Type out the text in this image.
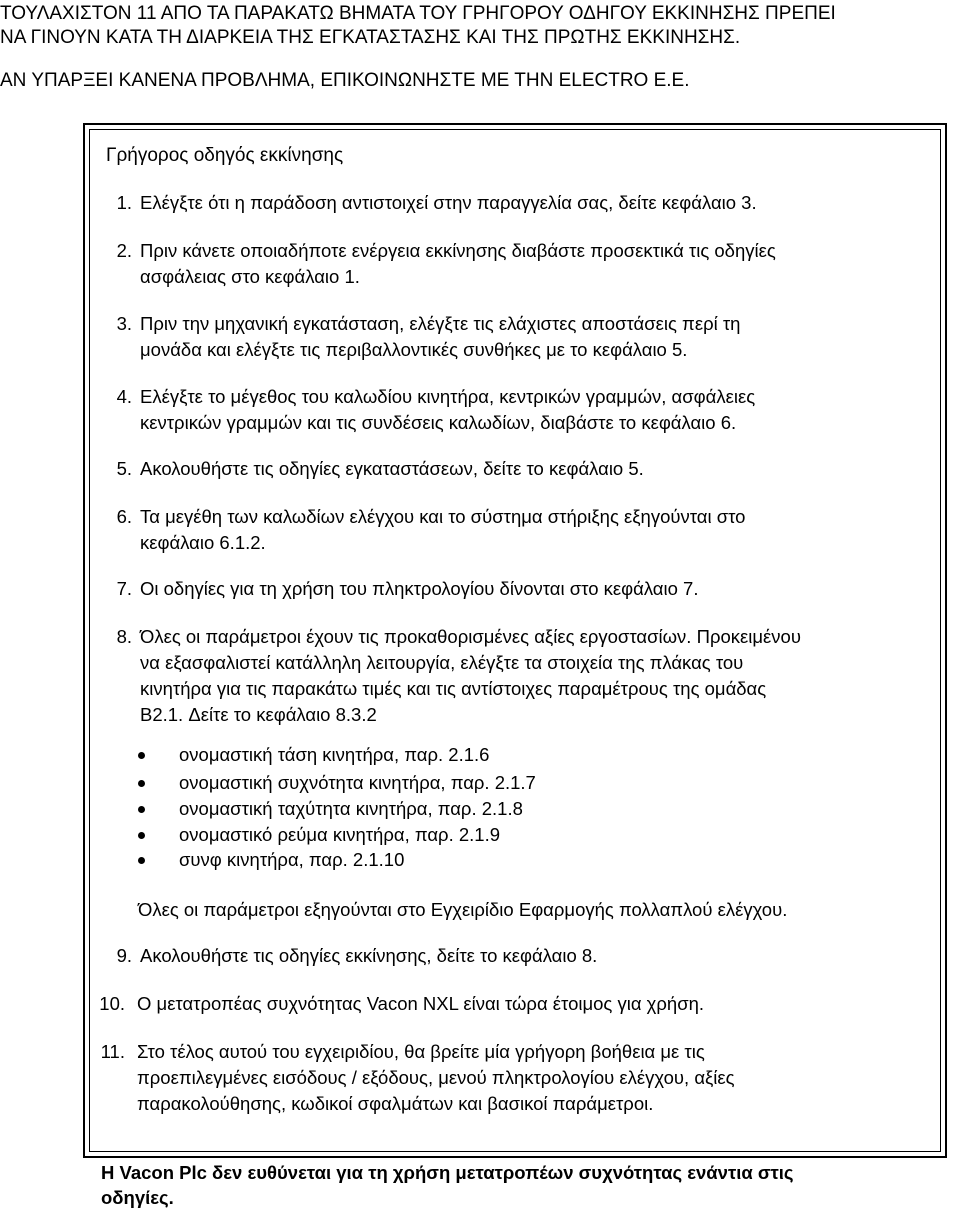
ΤΟΥΛΑΧΙΣΤΟΝ 11 ΑΠΟ ΤΑ ΠΑΡΑΚΑΤΩ ΒΗΜΑΤΑ ΤΟΥ ΓΡΗΓΟΡΟΥ ΟΔΗΓΟΥ ΕΚΚΙΝΗΣΗΣ ΠΡΕΠΕΙ

ΝΑ ΓΙΝΟΥΝ ΚΑΤΑ ΤΗ ΔΙΑΡΚΕΙΑ ΤΗΣ ΕΓΚΑΤΑΣΤΑΣΗΣ ΚΑΙ ΤΗΣ ΠΡΩΤΗΣ ΕΚΚΙΝΗΣΗΣ.

ΑΝ ΥΠΑΡΞΕΙ ΚΑΝΕΝΑ ΠΡΟΒΛΗΜΑ, ΕΠΙΚΟΙΝΩΝΗΣΤΕ ΜΕ ΤΗΝ ELECTRO E.E.

Γρήγορος οδηγός εκκίνησης
1. Ελέγξτε ότι η παράδοση αντιστοιχεί στην παραγγελία σας, δείτε κεφάλαιο 3.
2. Πριν κάνετε οποιαδήποτε ενέργεια εκκίνησης διαβάστε προσεκτικά τις οδηγίες
ασφάλειας στο κεφάλαιο 1.
3. Πριν την μηχανική εγκατάσταση, ελέγξτε τις ελάχιστες αποστάσεις περί τη
μονάδα και ελέγξτε τις περιβαλλοντικές συνθήκες με το κεφάλαιο 5.
4. Ελέγξτε το μέγεθος του καλωδίου κινητήρα, κεντρικών γραμμών, ασφάλειες
κεντρικών γραμμών και τις συνδέσεις καλωδίων, διαβάστε το κεφάλαιο 6.
5. Ακολουθήστε τις οδηγίες εγκαταστάσεων, δείτε το κεφάλαιο 5.
6. Τα μεγέθη των καλωδίων ελέγχου και το σύστημα στήριξης εξηγούνται στο
κεφάλαιο 6.1.2.
7. Οι οδηγίες για τη χρήση του πληκτρολογίου δίνονται στο κεφάλαιο 7.
8. Όλες οι παράμετροι έχουν τις προκαθορισμένες αξίες εργοστασίων. Προκειμένου
να εξασφαλιστεί κατάλληλη λειτουργία, ελέγξτε τα στοιχεία της πλάκας του
κινητήρα για τις παρακάτω τιμές και τις αντίστοιχες παραμέτρους της ομάδας
B2.1. Δείτε το κεφάλαιο 8.3.2
ονομαστική τάση κινητήρα, παρ. 2.1.6
ονομαστική συχνότητα κινητήρα, παρ. 2.1.7
ονομαστική ταχύτητα κινητήρα, παρ. 2.1.8
ονομαστικό ρεύμα κινητήρα, παρ. 2.1.9
συνφ κινητήρα, παρ. 2.1.10
Όλες οι παράμετροι εξηγούνται στο Εγχειρίδιο Εφαρμογής πολλαπλού ελέγχου.
9. Ακολουθήστε τις οδηγίες εκκίνησης, δείτε το κεφάλαιο 8.
10. Ο μετατροπέας συχνότητας Vacon NXL είναι τώρα έτοιμος για χρήση.
11. Στο τέλος αυτού του εγχειριδίου, θα βρείτε μία γρήγορη βοήθεια με τις
προεπιλεγμένες εισόδους / εξόδους, μενού πληκτρολογίου ελέγχου, αξίες
παρακολούθησης, κωδικοί σφαλμάτων και βασικοί παράμετροι.
Η Vacon Plc δεν ευθύνεται για τη χρήση μετατροπέων συχνότητας ενάντια στις
οδηγίες.
